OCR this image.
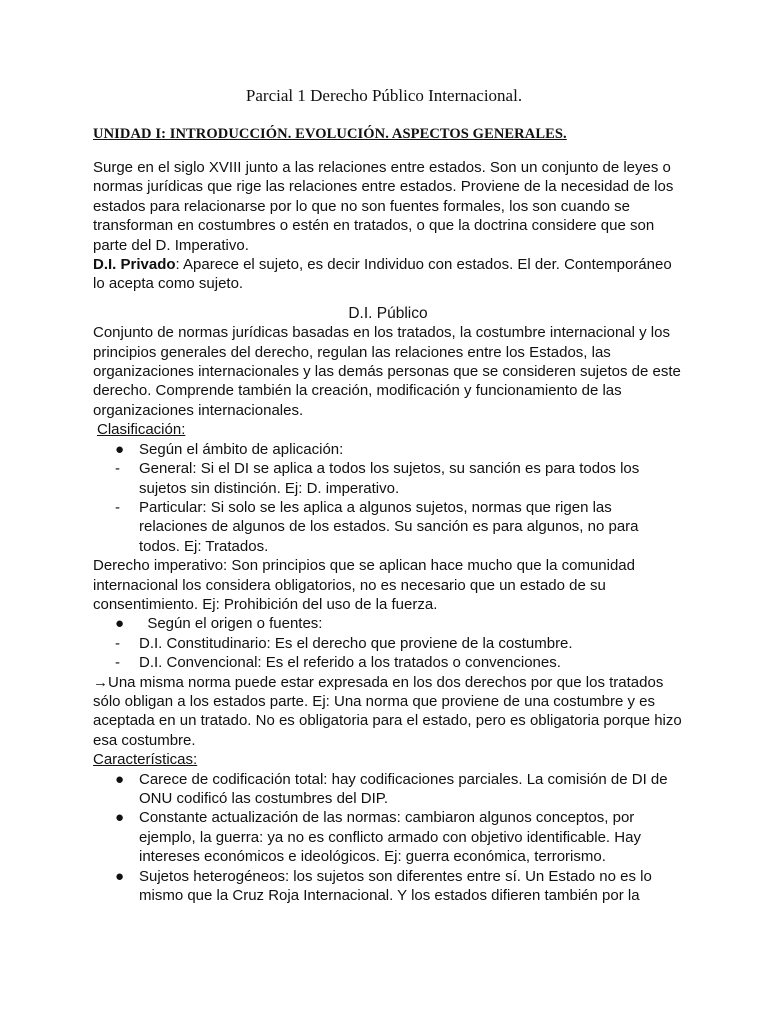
Parcial 1 Derecho Público Internacional.
UNIDAD I: INTRODUCCIÓN. EVOLUCIÓN. ASPECTOS GENERALES.

Surge en el siglo XVIII junto a las relaciones entre estados. Son un conjunto de leyes o normas jurídicas que rige las relaciones entre estados. Proviene de la necesidad de los estados para relacionarse por lo que no son fuentes formales, los son cuando se transforman en costumbres o estén en tratados, o que la doctrina considere que son parte del D. Imperativo.

D.I. Privado: Aparece el sujeto, es decir Individuo con estados. El der. Contemporáneo lo acepta como sujeto.

D.I. Público

Conjunto de normas jurídicas basadas en los tratados, la costumbre internacional y los principios generales del derecho, regulan las relaciones entre los Estados, las organizaciones internacionales y las demás personas que se consideren sujetos de este derecho. Comprende también la creación, modificación y funcionamiento de las organizaciones internacionales.

Clasificación:

● Según el ámbito de aplicación:
-	General: Si el DI se aplica a todos los sujetos, su sanción es para todos los sujetos sin distinción. Ej: D. imperativo.
-	Particular: Si solo se les aplica a algunos sujetos, normas que rigen las relaciones de algunos de los estados. Su sanción es para algunos, no para todos. Ej: Tratados.

Derecho imperativo: Son principios que se aplican hace mucho que la comunidad internacional los considera obligatorios, no es necesario que un estado de su consentimiento. Ej: Prohibición del uso de la fuerza.

● Según el origen o fuentes:
-	D.I. Constitudinario: Es el derecho que proviene de la costumbre.
-	D.I. Convencional: Es el referido a los tratados o convenciones.

→Una misma norma puede estar expresada en los dos derechos por que los tratados sólo obligan a los estados parte. Ej: Una norma que proviene de una costumbre y es aceptada en un tratado. No es obligatoria para el estado, pero es obligatoria porque hizo esa costumbre.

Características:

● Carece de codificación total: hay codificaciones parciales. La comisión de DI de ONU codificó las costumbres del DIP.
● Constante actualización de las normas: cambiaron algunos conceptos, por ejemplo, la guerra: ya no es conflicto armado con objetivo identificable. Hay intereses económicos e ideológicos. Ej: guerra económica, terrorismo.
● Sujetos heterogéneos: los sujetos son diferentes entre sí. Un Estado no es lo mismo que la Cruz Roja Internacional. Y los estados difieren también por la
